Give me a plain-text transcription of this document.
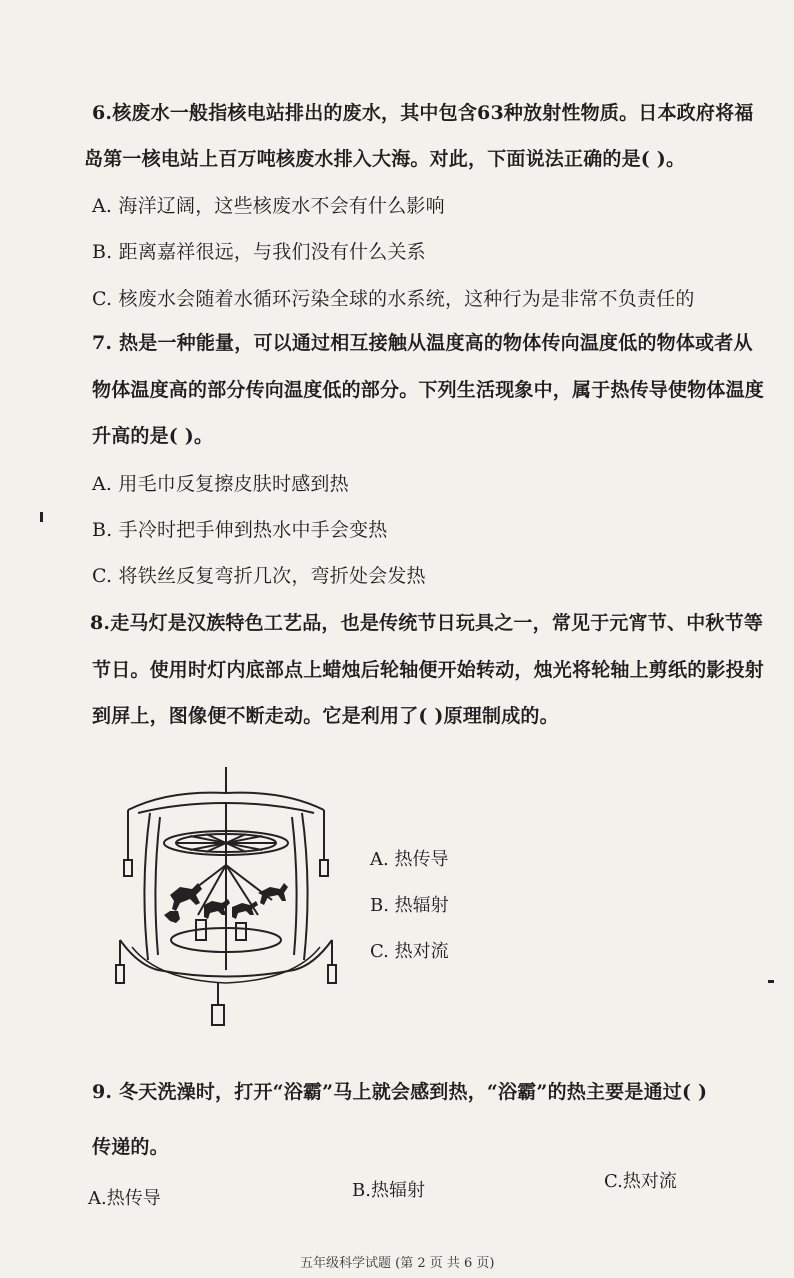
6.核废水一般指核电站排出的废水，其中包含63种放射性物质。日本政府将福
岛第一核电站上百万吨核废水排入大海。对此，下面说法正确的是( )。
A. 海洋辽阔，这些核废水不会有什么影响
B. 距离嘉祥很远，与我们没有什么关系
C. 核废水会随着水循环污染全球的水系统，这种行为是非常不负责任的
7. 热是一种能量，可以通过相互接触从温度高的物体传向温度低的物体或者从
物体温度高的部分传向温度低的部分。下列生活现象中，属于热传导使物体温度
升高的是( )。
A. 用毛巾反复擦皮肤时感到热
B. 手冷时把手伸到热水中手会变热
C. 将铁丝反复弯折几次，弯折处会发热
8.走马灯是汉族特色工艺品，也是传统节日玩具之一，常见于元宵节、中秋节等
节日。使用时灯内底部点上蜡烛后轮轴便开始转动，烛光将轮轴上剪纸的影投射
到屏上，图像便不断走动。它是利用了( )原理制成的。
A. 热传导
B. 热辐射
C. 热对流
9. 冬天洗澡时，打开“浴霸”马上就会感到热，“浴霸”的热主要是通过( )
传递的。
A.热传导	B.热辐射	C.热对流
五年级科学试题 (第 2 页 共 6 页)
